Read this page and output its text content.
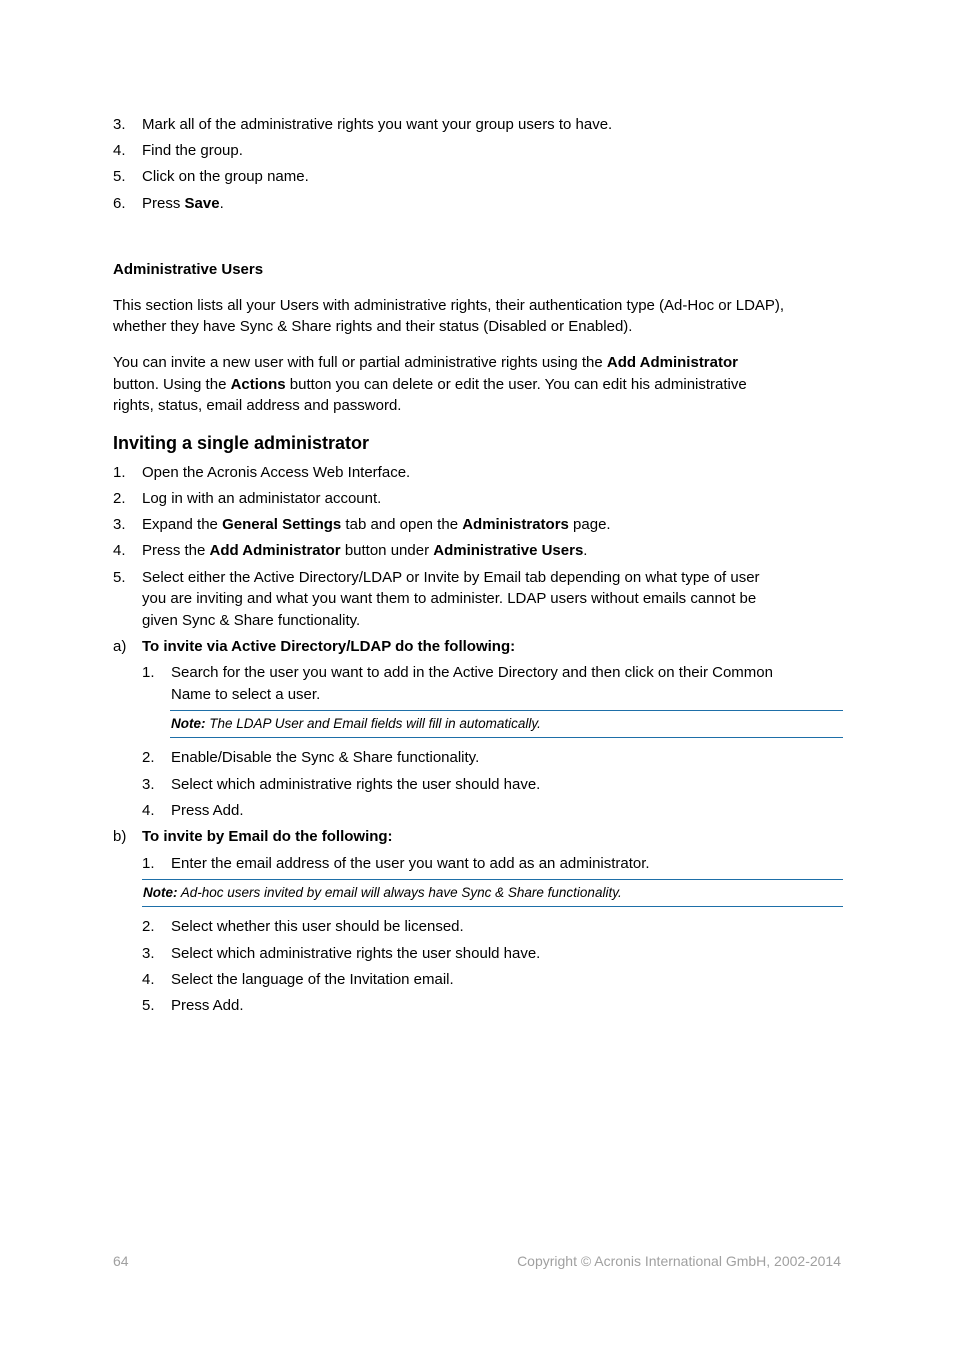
3. Mark all of the administrative rights you want your group users to have.
4. Find the group.
5. Click on the group name.
6. Press Save.
Administrative Users
This section lists all your Users with administrative rights, their authentication type (Ad-Hoc or LDAP),
whether they have Sync & Share rights and their status (Disabled or Enabled).
You can invite a new user with full or partial administrative rights using the Add Administrator
button. Using the Actions button you can delete or edit the user. You can edit his administrative
rights, status, email address and password.
Inviting a single administrator
1. Open the Acronis Access Web Interface.
2. Log in with an administator account.
3. Expand the General Settings tab and open the Administrators page.
4. Press the Add Administrator button under Administrative Users.
5. Select either the Active Directory/LDAP or Invite by Email tab depending on what type of user
you are inviting and what you want them to administer. LDAP users without emails cannot be
given Sync & Share functionality.
a) To invite via Active Directory/LDAP do the following:
1. Search for the user you want to add in the Active Directory and then click on their Common
Name to select a user.
Note: The LDAP User and Email fields will fill in automatically.
2. Enable/Disable the Sync & Share functionality.
3. Select which administrative rights the user should have.
4. Press Add.
b) To invite by Email do the following:
1. Enter the email address of the user you want to add as an administrator.
Note: Ad-hoc users invited by email will always have Sync & Share functionality.
2. Select whether this user should be licensed.
3. Select which administrative rights the user should have.
4. Select the language of the Invitation email.
5. Press Add.
64	Copyright © Acronis International GmbH, 2002-2014
